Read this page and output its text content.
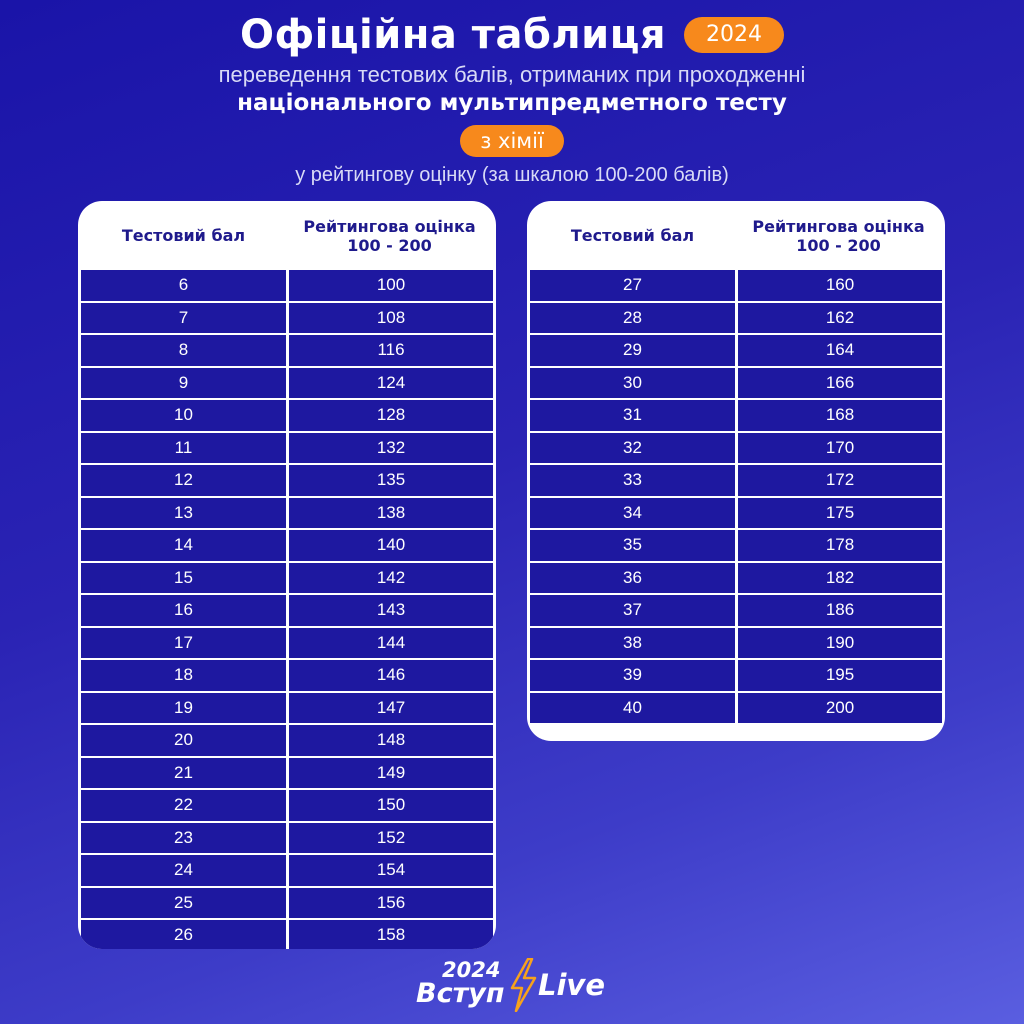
Офіційна таблиця	2024
переведення тестових балів, отриманих при проходженні
національного мультипредметного тесту
з хімії
у рейтингову оцінку (за шкалою 100-200 балів)
Тестовий бал	Рейтингова оцінка
100 - 200
6	100
7	108
8	116
9	124
10	128
11	132
12	135
13	138
14	140
15	142
16	143
17	144
18	146
19	147
20	148
21	149
22	150
23	152
24	154
25	156
26	158
Тестовий бал	Рейтингова оцінка
100 - 200
27	160
28	162
29	164
30	166
31	168
32	170
33	172
34	175
35	178
36	182
37	186
38	190
39	195
40	200
2024
Вступ Live
